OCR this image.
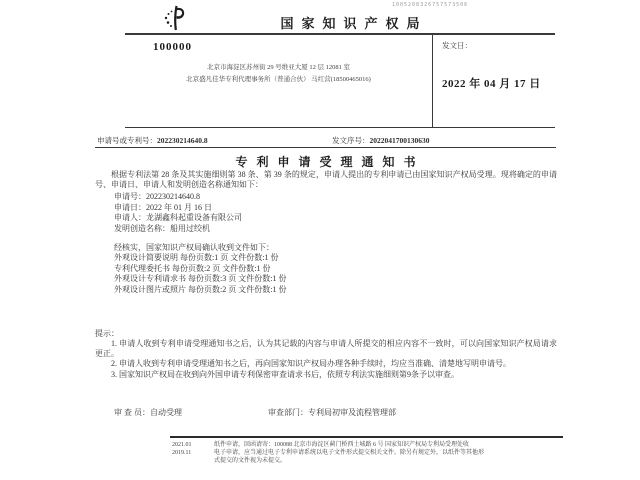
国家知识产权局
1005208326757573506
100000
北京市海淀区苏州街 29 号维亚大厦 12 层 12081 室
北京盛凡佳华专利代理事务所（普通合伙） 马红营(18500465016)
发文日：
2022 年 04 月 17 日
申请号或专利号：202230214640.8	发文序号：2022041700130630
专利申请受理通知书

根据专利法第 28 条及其实施细则第 38 条、第 39 条的规定，申请人提出的专利申请已由国家知识产权局受理。现将确定的申请号、申请日、申请人和发明创造名称通知如下：

申请号：202230214640.8

申请日：2022 年 01 月 16 日

申请人：龙湖鑫科起重设备有限公司

发明创造名称：船用过绞机

经核实，国家知识产权局确认收到文件如下：

外观设计简要说明 每份页数:1 页 文件份数:1 份

专利代理委托书 每份页数:2 页 文件份数:1 份

外观设计专利请求书 每份页数:3 页 文件份数:1 份

外观设计图片或照片 每份页数:2 页 文件份数:1 份

提示：

1. 申请人收到专利申请受理通知书之后，认为其记载的内容与申请人所提交的相应内容不一致时，可以向国家知识产权局请求更正。

2. 申请人收到专利申请受理通知书之后，再向国家知识产权局办理各种手续时，均应当准确、清楚地写明申请号。

3. 国家知识产权局在收到向外国申请专利保密审查请求书后，依照专利法实施细则第9条予以审查。

审 查 员：自动受理	审查部门：专利局初审及流程管理部
2021.01
2019.11

纸件申请，回函请寄：100088 北京市海淀区蓟门桥西土城路 6 号 国家知识产权局专利局受理处收

电子申请，应当通过电子专利申请系统以电子文件形式提交相关文件。除另有规定外，以纸件等其他形式提交的文件视为未提交。
